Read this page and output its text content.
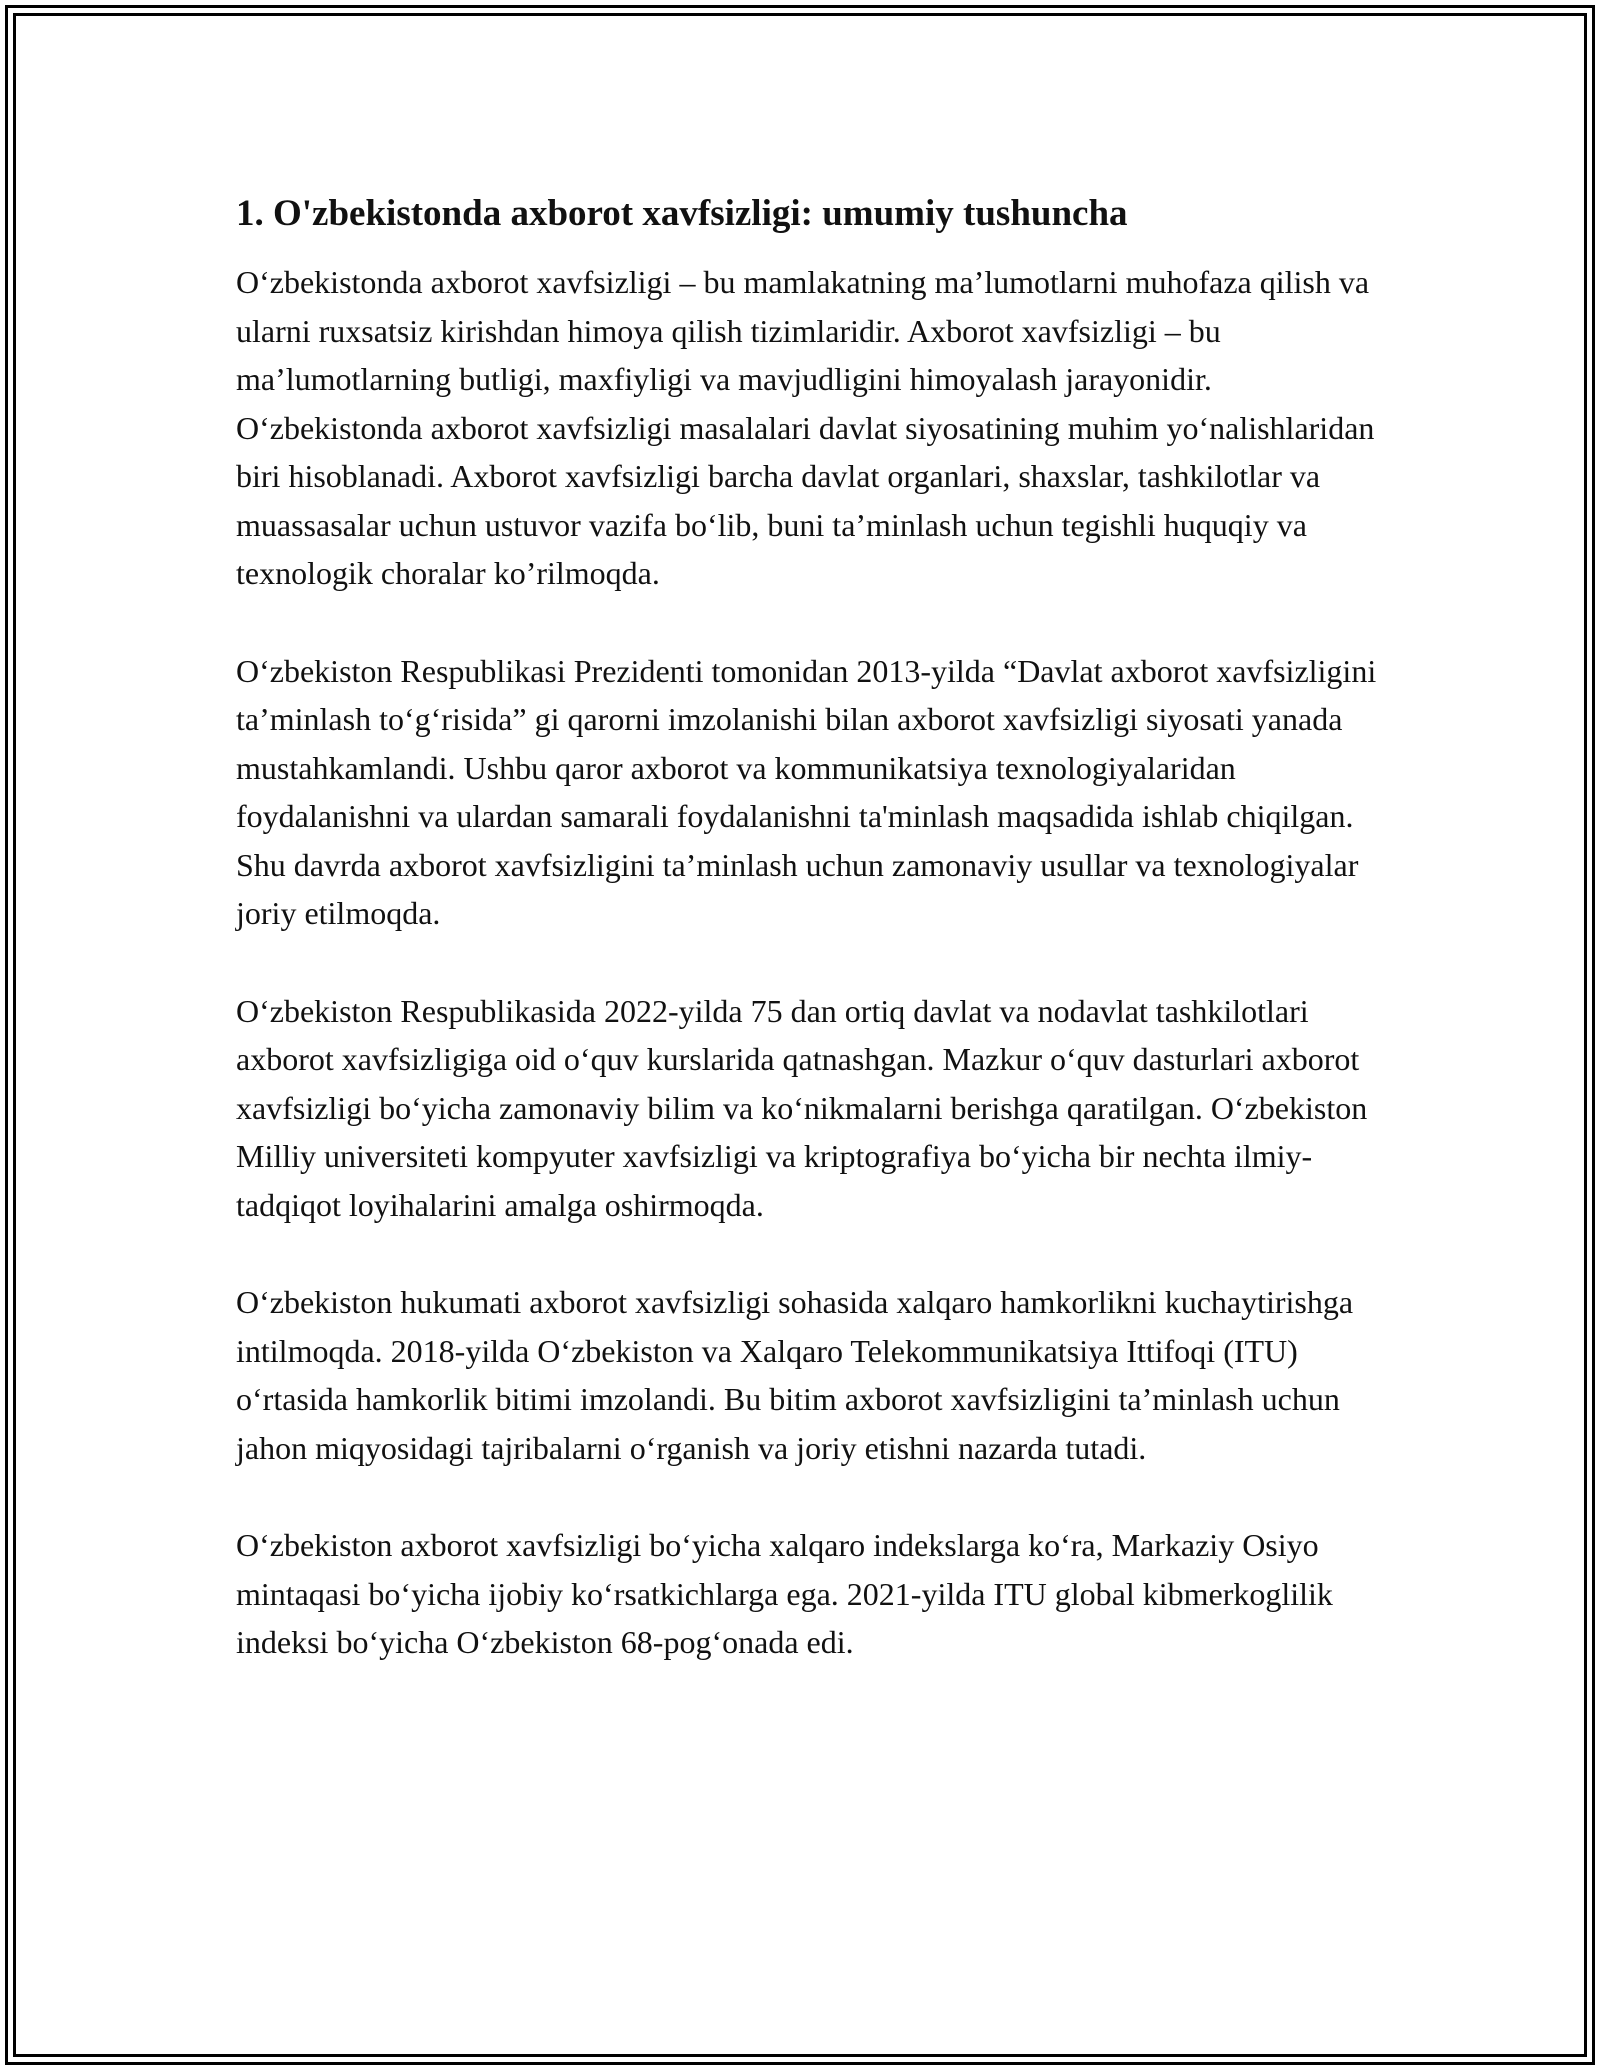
1. O'zbekistonda axborot xavfsizligi: umumiy tushuncha

O‘zbekistonda axborot xavfsizligi – bu mamlakatning ma’lumotlarni muhofaza qilish va ularni ruxsatsiz kirishdan himoya qilish tizimlaridir. Axborot xavfsizligi – bu ma’lumotlarning butligi, maxfiyligi va mavjudligini himoyalash jarayonidir. O‘zbekistonda axborot xavfsizligi masalalari davlat siyosatining muhim yo‘nalishlaridan biri hisoblanadi. Axborot xavfsizligi barcha davlat organlari, shaxslar, tashkilotlar va muassasalar uchun ustuvor vazifa bo‘lib, buni ta’minlash uchun tegishli huquqiy va texnologik choralar ko’rilmoqda.

O‘zbekiston Respublikasi Prezidenti tomonidan 2013-yilda “Davlat axborot xavfsizligini ta’minlash to‘g‘risida” gi qarorni imzolanishi bilan axborot xavfsizligi siyosati yanada mustahkamlandi. Ushbu qaror axborot va kommunikatsiya texnologiyalaridan foydalanishni va ulardan samarali foydalanishni ta'minlash maqsadida ishlab chiqilgan. Shu davrda axborot xavfsizligini ta’minlash uchun zamonaviy usullar va texnologiyalar joriy etilmoqda.

O‘zbekiston Respublikasida 2022-yilda 75 dan ortiq davlat va nodavlat tashkilotlari axborot xavfsizligiga oid o‘quv kurslarida qatnashgan. Mazkur o‘quv dasturlari axborot xavfsizligi bo‘yicha zamonaviy bilim va ko‘nikmalarni berishga qaratilgan. O‘zbekiston Milliy universiteti kompyuter xavfsizligi va kriptografiya bo‘yicha bir nechta ilmiy-tadqiqot loyihalarini amalga oshirmoqda.

O‘zbekiston hukumati axborot xavfsizligi sohasida xalqaro hamkorlikni kuchaytirishga intilmoqda. 2018-yilda O‘zbekiston va Xalqaro Telekommunikatsiya Ittifoqi (ITU) o‘rtasida hamkorlik bitimi imzolandi. Bu bitim axborot xavfsizligini ta’minlash uchun jahon miqyosidagi tajribalarni o‘rganish va joriy etishni nazarda tutadi.

O‘zbekiston axborot xavfsizligi bo‘yicha xalqaro indekslarga ko‘ra, Markaziy Osiyo mintaqasi bo‘yicha ijobiy ko‘rsatkichlarga ega. 2021-yilda ITU global kibmerkoglilik indeksi bo‘yicha O‘zbekiston 68-pog‘onada edi.
